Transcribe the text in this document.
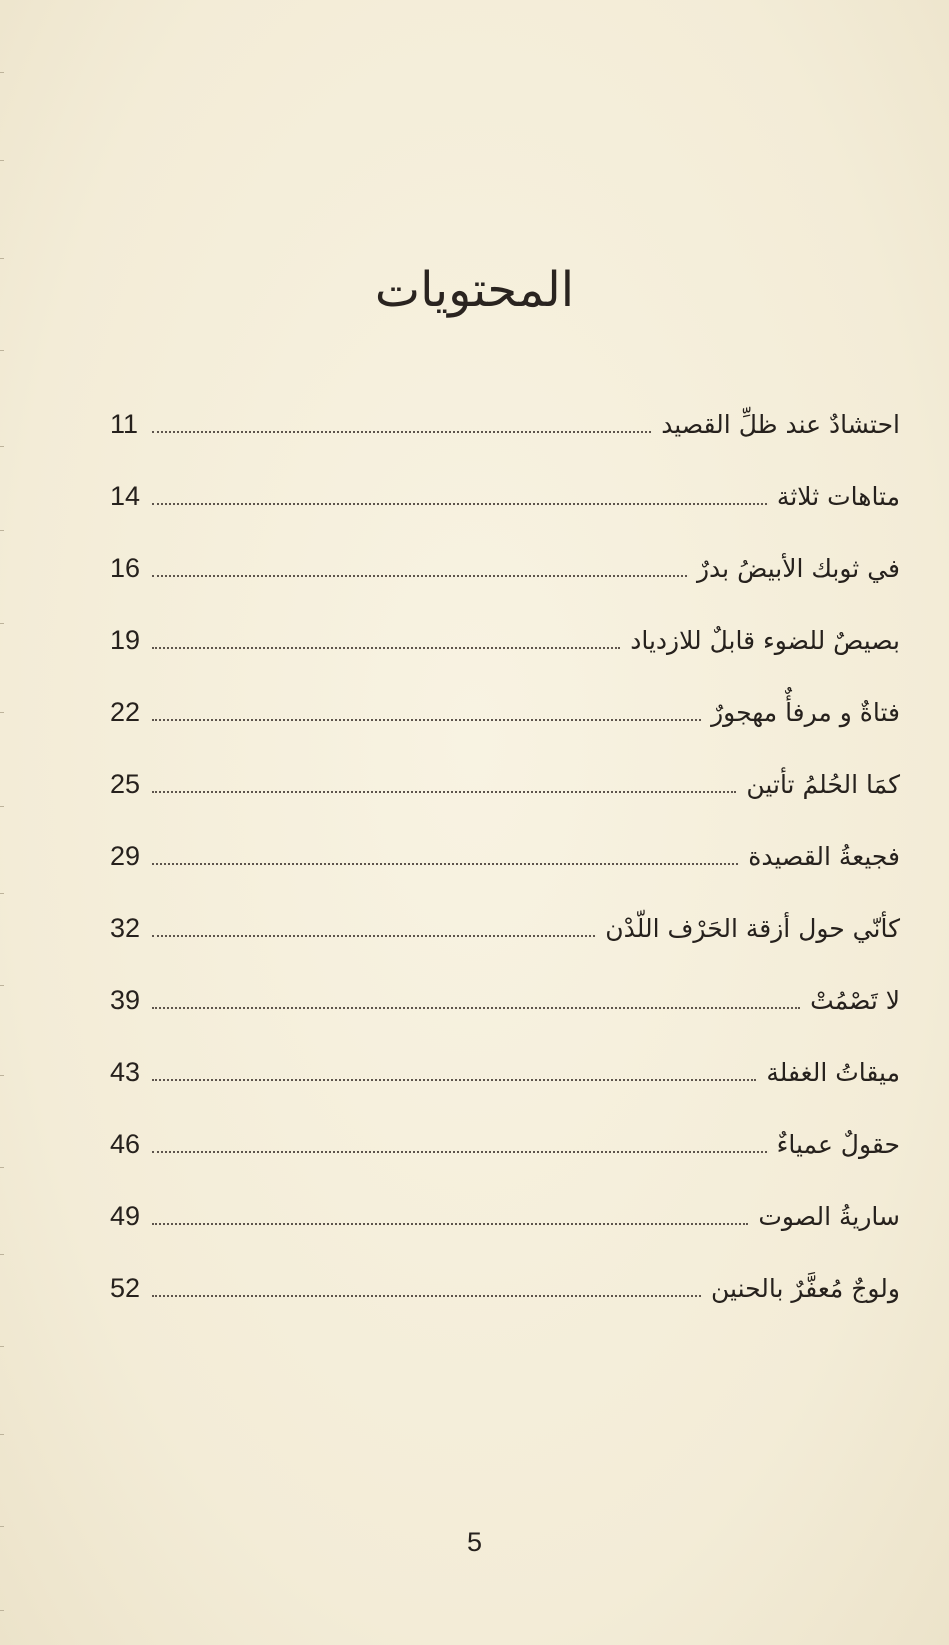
المحتويات
احتشادٌ عند ظلِّ القصيد
11
متاهات ثلاثة
14
في ثوبك الأبيضُ بدرٌ
16
بصيصٌ للضوء قابلٌ للازدياد
19
فتاةٌ و مرفأٌ مهجورٌ
22
كمَا الحُلمُ تأتين
25
فجيعةُ القصيدة
29
كأنّي حول أزقة الحَرْف اللّدْن
32
لا تَصْمُتْ
39
ميقاتُ الغفلة
43
حقولٌ عمياءٌ
46
ساريةُ الصوت
49
ولوجٌ مُعفَّرٌ بالحنين
52
5
